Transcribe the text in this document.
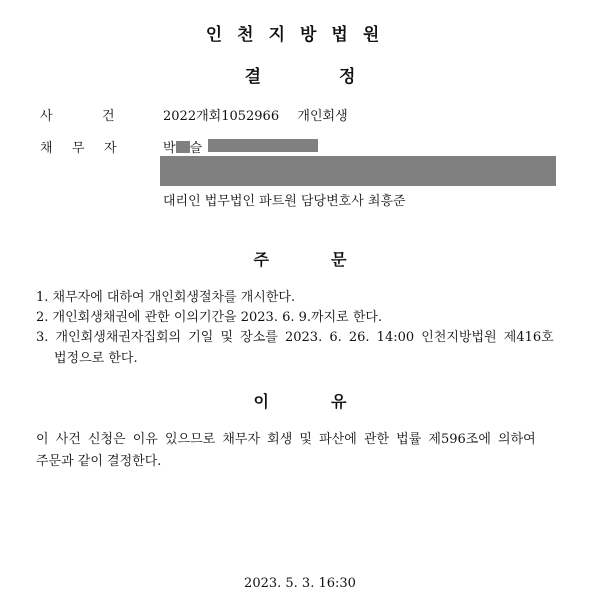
인천지방법원
결	정
사	건	2022개회1052966 개인회생
채 무 자	박 슬
대리인 법무법인 파트원 담당변호사 최흥준
주	문
1. 채무자에 대하여 개인회생절차를 개시한다.
2. 개인회생채권에 관한 이의기간을 2023. 6. 9.까지로 한다.
3. 개인회생채권자집회의 기일 및 장소를 2023. 6. 26. 14:00 인천지방법원 제416호
법정으로 한다.
이	유
이 사건 신청은 이유 있으므로 채무자 회생 및 파산에 관한 법률 제596조에 의하여
주문과 같이 결정한다.
2023. 5. 3. 16:30
